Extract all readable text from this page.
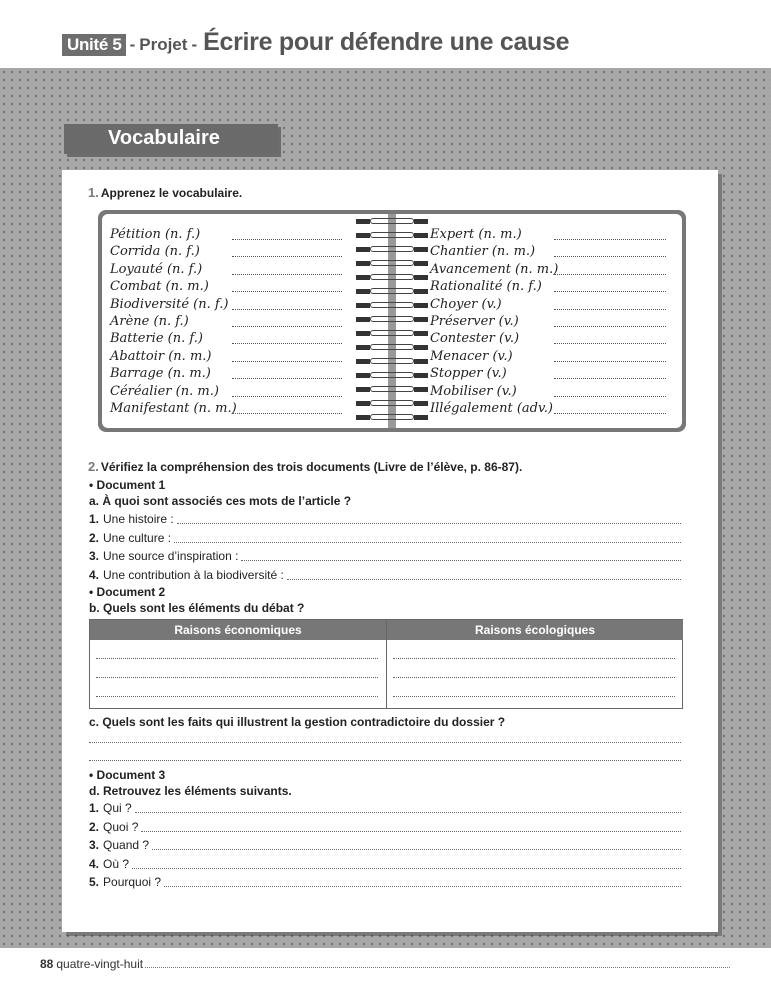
Unité 5 - Projet - Écrire pour défendre une cause
Vocabulaire
1. Apprenez le vocabulaire.
Pétition (n. f.)
Corrida (n. f.)
Loyauté (n. f.)
Combat (n. m.)
Biodiversité (n. f.)
Arène (n. f.)
Batterie (n. f.)
Abattoir (n. m.)
Barrage (n. m.)
Céréalier (n. m.)
Manifestant (n. m.)
Expert (n. m.)
Chantier (n. m.)
Avancement (n. m.)
Rationalité (n. f.)
Choyer (v.)
Préserver (v.)
Contester (v.)
Menacer (v.)
Stopper (v.)
Mobiliser (v.)
Illégalement (adv.)
2. Vérifiez la compréhension des trois documents (Livre de l’élève, p. 86-87).
• Document 1
a. À quoi sont associés ces mots de l’article ?
1. Une histoire :
2. Une culture :
3. Une source d’inspiration :
4. Une contribution à la biodiversité :
• Document 2
b. Quels sont les éléments du débat ?
Raisons économiques	Raisons écologiques
c. Quels sont les faits qui illustrent la gestion contradictoire du dossier ?
• Document 3
d. Retrouvez les éléments suivants.
1. Qui ?
2. Quoi ?
3. Quand ?
4. Où ?
5. Pourquoi ?
88 quatre-vingt-huit
